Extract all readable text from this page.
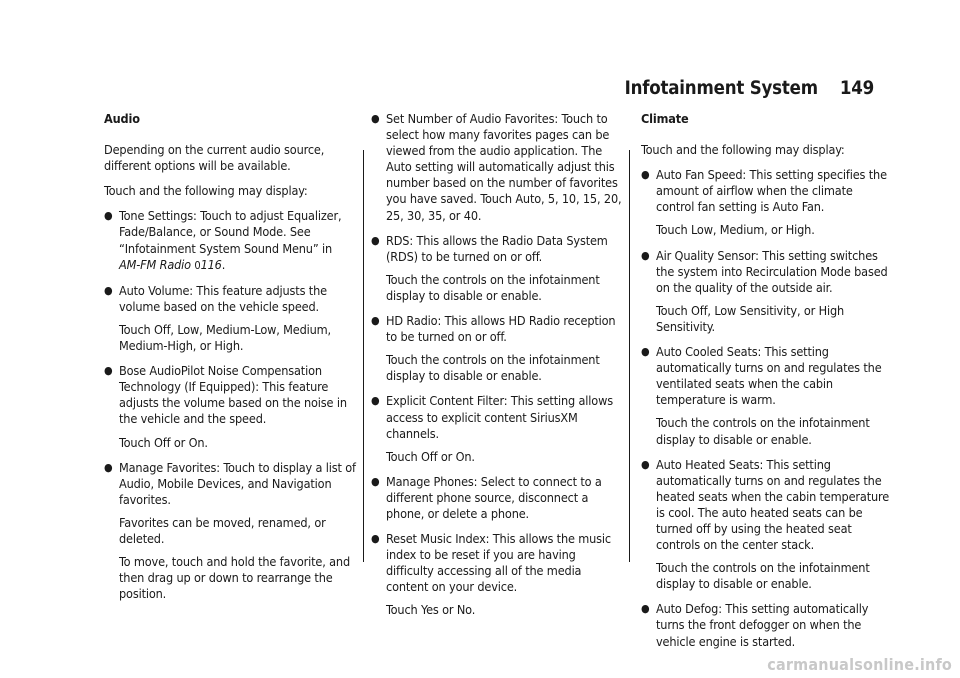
Infotainment System 149
Audio

Depending on the current audio source, different options will be available.

Touch and the following may display:

● Tone Settings: Touch to adjust Equalizer, Fade/Balance, or Sound Mode. See “Infotainment System Sound Menu” in
AM-FM Radio 0116.
● Auto Volume: This feature adjusts the volume based on the vehicle speed.

Touch Off, Low, Medium-Low, Medium, Medium-High, or High.

● Bose AudioPilot Noise Compensation Technology (If Equipped): This feature adjusts the volume based on the noise in the vehicle and the speed.

Touch Off or On.

● Manage Favorites: Touch to display a list of Audio, Mobile Devices, and Navigation favorites.

Favorites can be moved, renamed, or deleted.

To move, touch and hold the favorite, and then drag up or down to rearrange the position.

● Set Number of Audio Favorites: Touch to select how many favorites pages can be viewed from the audio application. The Auto setting will automatically adjust this number based on the number of favorites you have saved. Touch Auto, 5, 10, 15, 20, 25, 30, 35, or 40.
● RDS: This allows the Radio Data System (RDS) to be turned on or off.

Touch the controls on the infotainment display to disable or enable.

● HD Radio: This allows HD Radio reception to be turned on or off.

Touch the controls on the infotainment display to disable or enable.

● Explicit Content Filter: This setting allows access to explicit content SiriusXM channels.

Touch Off or On.

● Manage Phones: Select to connect to a different phone source, disconnect a phone, or delete a phone.
● Reset Music Index: This allows the music index to be reset if you are having difficulty accessing all of the media content on your device.

Touch Yes or No.

Climate

Touch and the following may display:

● Auto Fan Speed: This setting specifies the amount of airflow when the climate control fan setting is Auto Fan.

Touch Low, Medium, or High.

● Air Quality Sensor: This setting switches the system into Recirculation Mode based on the quality of the outside air.

Touch Off, Low Sensitivity, or High Sensitivity.

● Auto Cooled Seats: This setting automatically turns on and regulates the ventilated seats when the cabin temperature is warm.

Touch the controls on the infotainment display to disable or enable.

● Auto Heated Seats: This setting automatically turns on and regulates the heated seats when the cabin temperature is cool. The auto heated seats can be turned off by using the heated seat controls on the center stack.

Touch the controls on the infotainment display to disable or enable.

● Auto Defog: This setting automatically turns the front defogger on when the vehicle engine is started.
carmanualsonline.info
